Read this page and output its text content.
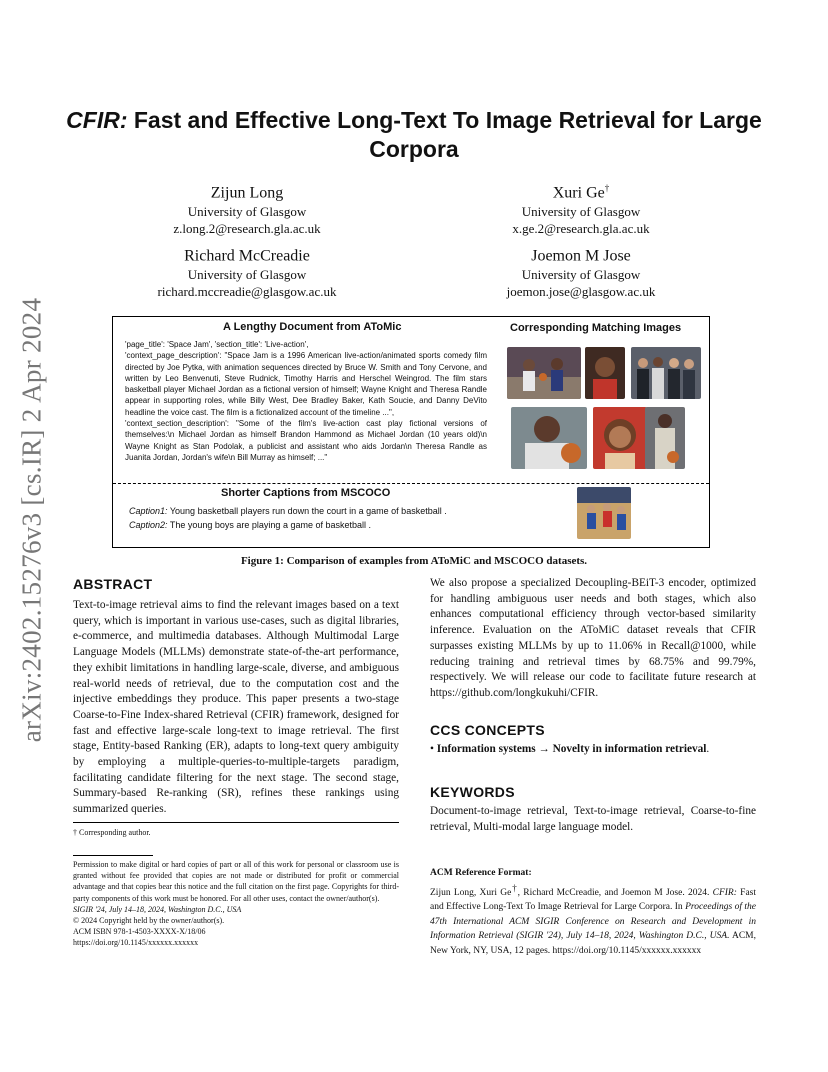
arXiv:2402.15276v3 [cs.IR] 2 Apr 2024
CFIR: Fast and Effective Long-Text To Image Retrieval for Large Corpora
Zijun Long
University of Glasgow
z.long.2@research.gla.ac.uk
Xuri Ge†
University of Glasgow
x.ge.2@research.gla.ac.uk
Richard McCreadie
University of Glasgow
richard.mccreadie@glasgow.ac.uk
Joemon M Jose
University of Glasgow
joemon.jose@glasgow.ac.uk
A Lengthy Document from AToMic	Corresponding Matching Images
'page_title': 'Space Jam', 'section_title': 'Live-action',
'context_page_description': "Space Jam is a 1996 American live-action/animated sports comedy film directed by Joe Pytka, with animation sequences directed by Bruce W. Smith and Tony Cervone, and written by Leo Benvenuti, Steve Rudnick, Timothy Harris and Herschel Weingrod. The film stars basketball player Michael Jordan as a fictional version of himself; Wayne Knight and Theresa Randle appear in supporting roles, while Billy West, Dee Bradley Baker, Kath Soucie, and Danny DeVito headline the voice cast. The film is a fictionalized account of the timeline ...",
'context_section_description': "Some of the film's live-action cast play fictional versions of themselves:\n Michael Jordan as himself Brandon Hammond as Michael Jordan (10 years old)\n Wayne Knight as Stan Podolak, a publicist and assistant who aids Jordan\n Theresa Randle as Juanita Jordan, Jordan's wife\n Bill Murray as himself; ..."
Shorter Captions from MSCOCO
Caption1: Young basketball players run down the court in a game of basketball .
Caption2: The young boys are playing a game of basketball .
Figure 1: Comparison of examples from AToMiC and MSCOCO datasets.
ABSTRACT
Text-to-image retrieval aims to find the relevant images based on a text query, which is important in various use-cases, such as digital libraries, e-commerce, and multimedia databases. Although Multimodal Large Language Models (MLLMs) demonstrate state-of-the-art performance, they exhibit limitations in handling large-scale, diverse, and ambiguous real-world needs of retrieval, due to the computation cost and the injective embeddings they produce. This paper presents a two-stage Coarse-to-Fine Index-shared Retrieval (CFIR) framework, designed for fast and effective large-scale long-text to image retrieval. The first stage, Entity-based Ranking (ER), adapts to long-text query ambiguity by employing a multiple-queries-to-multiple-targets paradigm, facilitating candidate filtering for the next stage. The second stage, Summary-based Re-ranking (SR), refines these rankings using summarized queries.
† Corresponding author.
Permission to make digital or hard copies of part or all of this work for personal or classroom use is granted without fee provided that copies are not made or distributed for profit or commercial advantage and that copies bear this notice and the full citation on the first page. Copyrights for third-party components of this work must be honored. For all other uses, contact the owner/author(s).
SIGIR '24, July 14–18, 2024, Washington D.C., USA
© 2024 Copyright held by the owner/author(s).
ACM ISBN 978-1-4503-XXXX-X/18/06
https://doi.org/10.1145/xxxxxx.xxxxxx
We also propose a specialized Decoupling-BEiT-3 encoder, optimized for handling ambiguous user needs and both stages, which also enhances computational efficiency through vector-based similarity inference. Evaluation on the AToMiC dataset reveals that CFIR surpasses existing MLLMs by up to 11.06% in Recall@1000, while reducing training and retrieval times by 68.75% and 99.79%, respectively. We will release our code to facilitate future research at https://github.com/longkukuhi/CFIR.
CCS CONCEPTS
• Information systems → Novelty in information retrieval.
KEYWORDS
Document-to-image retrieval, Text-to-image retrieval, Coarse-to-fine retrieval, Multi-modal large language model.
ACM Reference Format:
Zijun Long, Xuri Ge†, Richard McCreadie, and Joemon M Jose. 2024. CFIR: Fast and Effective Long-Text To Image Retrieval for Large Corpora. In Proceedings of the 47th International ACM SIGIR Conference on Research and Development in Information Retrieval (SIGIR '24), July 14–18, 2024, Washington D.C., USA. ACM, New York, NY, USA, 12 pages. https://doi.org/10.1145/xxxxxx.xxxxxx
